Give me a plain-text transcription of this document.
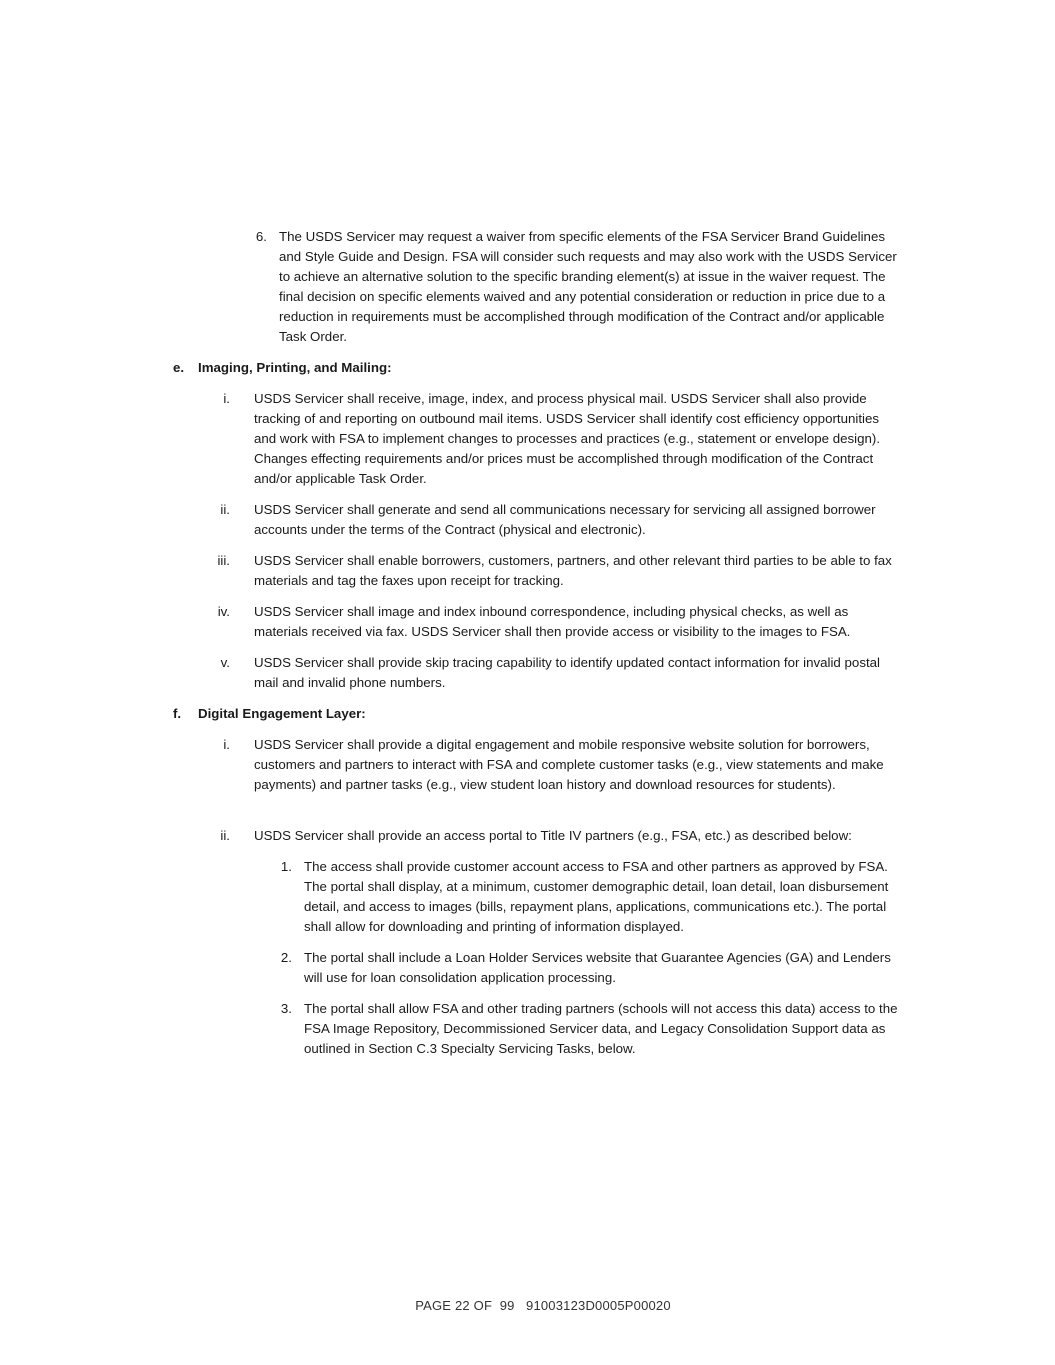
6. The USDS Servicer may request a waiver from specific elements of the FSA Servicer Brand Guidelines and Style Guide and Design. FSA will consider such requests and may also work with the USDS Servicer to achieve an alternative solution to the specific branding element(s) at issue in the waiver request. The final decision on specific elements waived and any potential consideration or reduction in price due to a reduction in requirements must be accomplished through modification of the Contract and/or applicable Task Order.
e. Imaging, Printing, and Mailing:
i. USDS Servicer shall receive, image, index, and process physical mail. USDS Servicer shall also provide tracking of and reporting on outbound mail items. USDS Servicer shall identify cost efficiency opportunities and work with FSA to implement changes to processes and practices (e.g., statement or envelope design). Changes effecting requirements and/or prices must be accomplished through modification of the Contract and/or applicable Task Order.
ii. USDS Servicer shall generate and send all communications necessary for servicing all assigned borrower accounts under the terms of the Contract (physical and electronic).
iii. USDS Servicer shall enable borrowers, customers, partners, and other relevant third parties to be able to fax materials and tag the faxes upon receipt for tracking.
iv. USDS Servicer shall image and index inbound correspondence, including physical checks, as well as materials received via fax. USDS Servicer shall then provide access or visibility to the images to FSA.
v. USDS Servicer shall provide skip tracing capability to identify updated contact information for invalid postal mail and invalid phone numbers.
f. Digital Engagement Layer:
i. USDS Servicer shall provide a digital engagement and mobile responsive website solution for borrowers, customers and partners to interact with FSA and complete customer tasks (e.g., view statements and make payments) and partner tasks (e.g., view student loan history and download resources for students).
ii. USDS Servicer shall provide an access portal to Title IV partners (e.g., FSA, etc.) as described below:
1. The access shall provide customer account access to FSA and other partners as approved by FSA. The portal shall display, at a minimum, customer demographic detail, loan detail, loan disbursement detail, and access to images (bills, repayment plans, applications, communications etc.). The portal shall allow for downloading and printing of information displayed.
2. The portal shall include a Loan Holder Services website that Guarantee Agencies (GA) and Lenders will use for loan consolidation application processing.
3. The portal shall allow FSA and other trading partners (schools will not access this data) access to the FSA Image Repository, Decommissioned Servicer data, and Legacy Consolidation Support data as outlined in Section C.3 Specialty Servicing Tasks, below.
PAGE 22 OF  99   91003123D0005P00020
